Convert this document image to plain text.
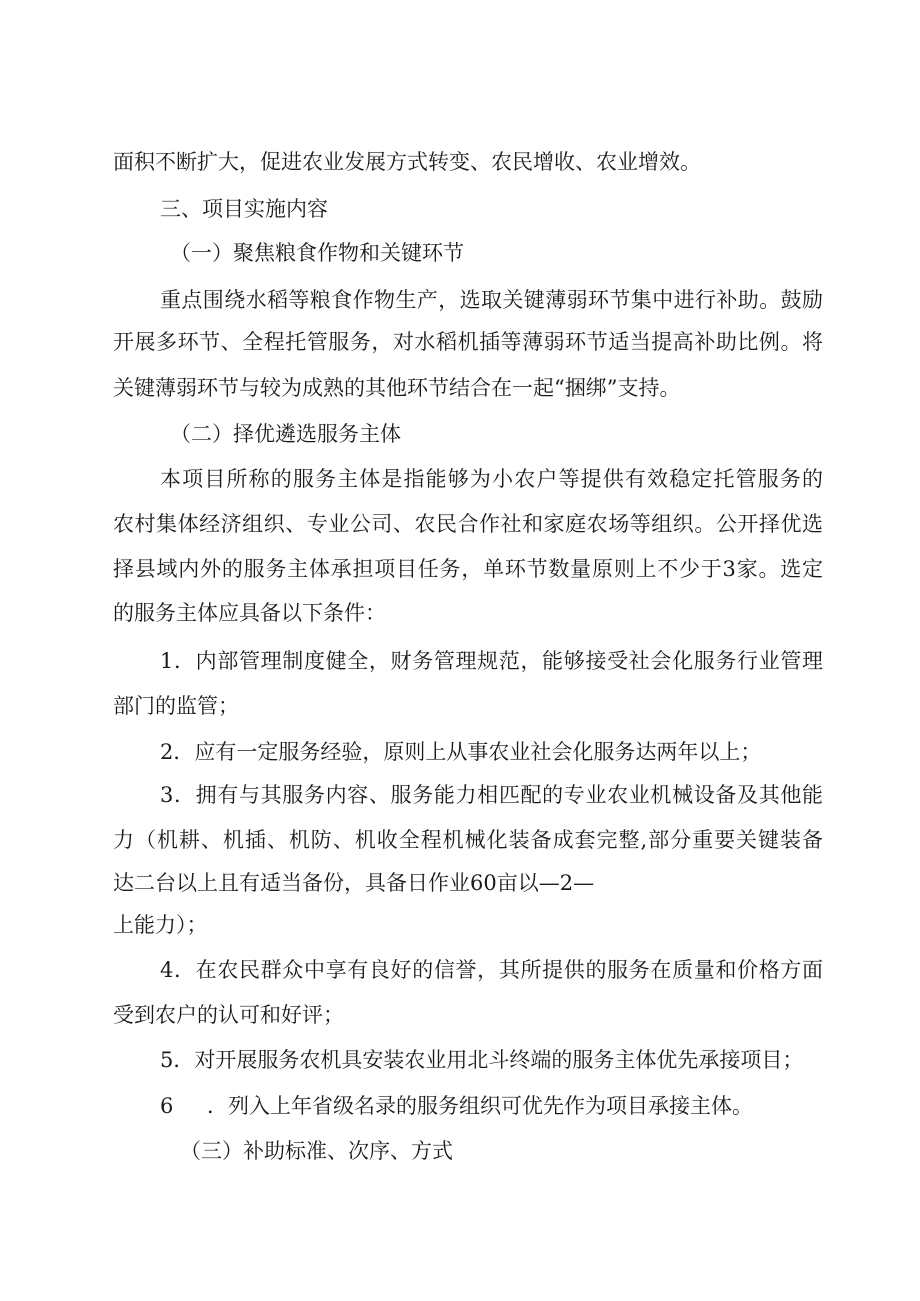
面积不断扩大，促进农业发展方式转变、农民增收、农业增效。
三、项目实施内容
（一）聚焦粮食作物和关键环节
重点围绕水稻等粮食作物生产，选取关键薄弱环节集中进行补助。鼓励
开展多环节、全程托管服务，对水稻机插等薄弱环节适当提高补助比例。将
关键薄弱环节与较为成熟的其他环节结合在一起“捆绑”支持。
（二）择优遴选服务主体
本项目所称的服务主体是指能够为小农户等提供有效稳定托管服务的
农村集体经济组织、专业公司、农民合作社和家庭农场等组织。公开择优选
择县域内外的服务主体承担项目任务，单环节数量原则上不少于3家。选定
的服务主体应具备以下条件：
1．内部管理制度健全，财务管理规范，能够接受社会化服务行业管理
部门的监管；
2．应有一定服务经验，原则上从事农业社会化服务达两年以上；
3．拥有与其服务内容、服务能力相匹配的专业农业机械设备及其他能
力（机耕、机插、机防、机收全程机械化装备成套完整,部分重要关键装备
达二台以上且有适当备份，具备日作业60亩以—2—
上能力）；
4．在农民群众中享有良好的信誉，其所提供的服务在质量和价格方面
受到农户的认可和好评；
5．对开展服务农机具安装农业用北斗终端的服务主体优先承接项目；
6 ．列入上年省级名录的服务组织可优先作为项目承接主体。
（三）补助标准、次序、方式
